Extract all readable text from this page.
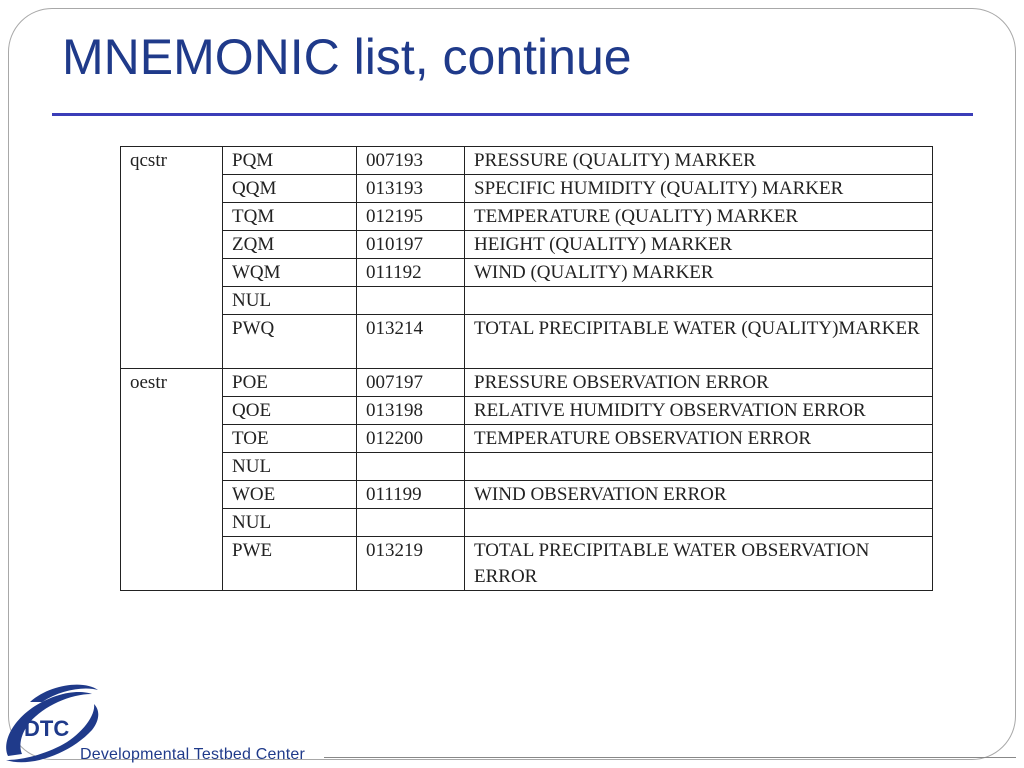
MNEMONIC list, continue
qcstr	PQM	007193	PRESSURE (QUALITY) MARKER
	QQM	013193	SPECIFIC HUMIDITY (QUALITY) MARKER
	TQM	012195	TEMPERATURE (QUALITY) MARKER
	ZQM	010197	HEIGHT (QUALITY) MARKER
	WQM	011192	WIND (QUALITY) MARKER
	NUL		
	PWQ	013214	TOTAL PRECIPITABLE WATER (QUALITY)MARKER
oestr	POE	007197	PRESSURE OBSERVATION ERROR
	QOE	013198	RELATIVE HUMIDITY OBSERVATION ERROR
	TOE	012200	TEMPERATURE OBSERVATION ERROR
	NUL		
	WOE	011199	WIND OBSERVATION ERROR
	NUL		
	PWE	013219	TOTAL PRECIPITABLE WATER OBSERVATION ERROR
DTC
Developmental Testbed Center
